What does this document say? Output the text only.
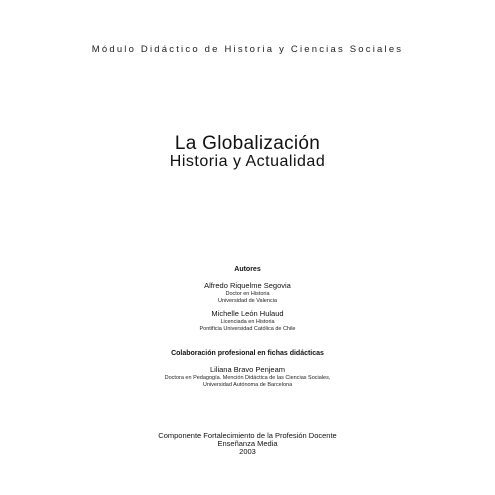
Módulo Didáctico de Historia y Ciencias Sociales
La Globalización
Historia y Actualidad
Autores
Alfredo Riquelme Segovia
Doctor en Historia
Universidad de Valencia
Michelle León Hulaud
Licenciada en Historia
Pontificia Universidad Católica de Chile
Colaboración profesional en fichas didácticas
Liliana Bravo Penjeam
Doctora en Pedagogía. Mención Didáctica de las Ciencias Sociales,
Universidad Autónoma de Barcelona
Componente Fortalecimiento de la Profesión Docente
Enseñanza Media
2003
